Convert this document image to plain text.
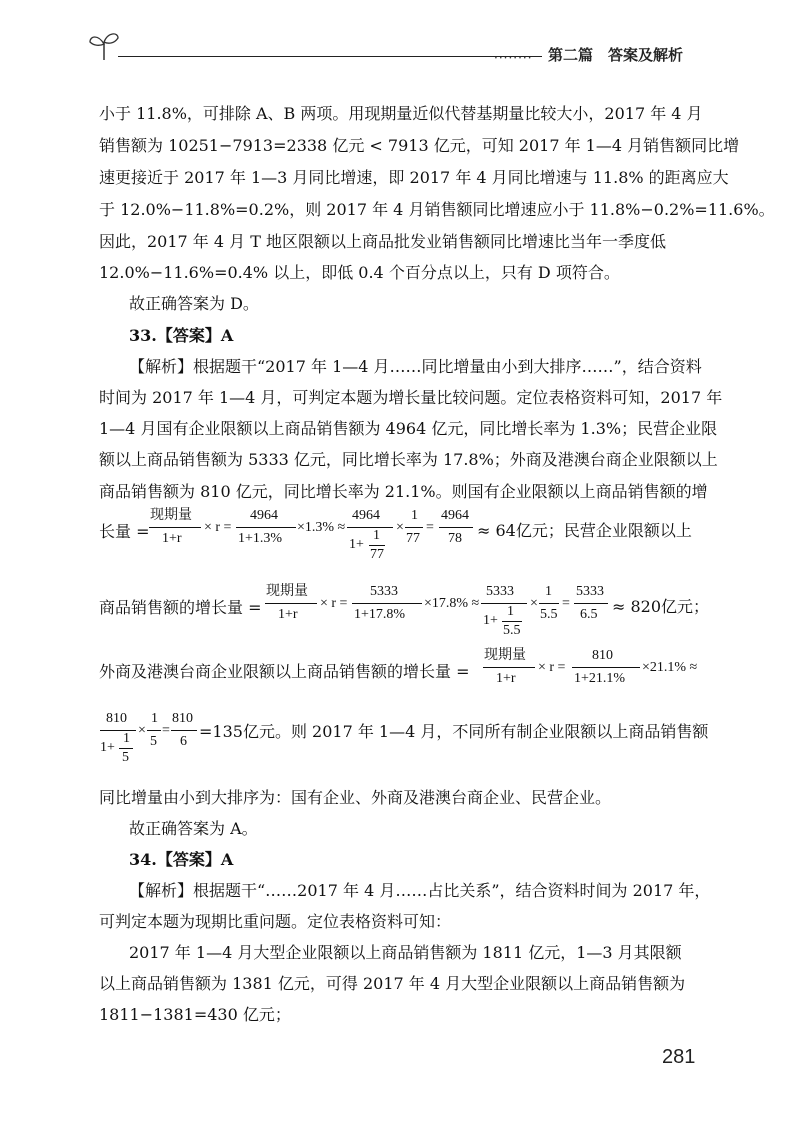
········ 第二篇　答案及解析
小于 11.8%，可排除 A、B 两项。用现期量近似代替基期量比较大小，2017 年 4 月
销售额为 10251−7913=2338 亿元 < 7913 亿元，可知 2017 年 1—4 月销售额同比增
速更接近于 2017 年 1—3 月同比增速，即 2017 年 4 月同比增速与 11.8% 的距离应大
于 12.0%−11.8%=0.2%，则 2017 年 4 月销售额同比增速应小于 11.8%−0.2%=11.6%。
因此，2017 年 4 月 T 地区限额以上商品批发业销售额同比增速比当年一季度低
12.0%−11.6%=0.4% 以上，即低 0.4 个百分点以上，只有 D 项符合。
故正确答案为 D。
33.【答案】A
【解析】根据题干“2017 年 1—4 月……同比增量由小到大排序……”，结合资料
时间为 2017 年 1—4 月，可判定本题为增长量比较问题。定位表格资料可知，2017 年
1—4 月国有企业限额以上商品销售额为 4964 亿元，同比增长率为 1.3%；民营企业限
额以上商品销售额为 5333 亿元，同比增长率为 17.8%；外商及港澳台商企业限额以上
商品销售额为 810 亿元，同比增长率为 21.1%。则国有企业限额以上商品销售额的增
长量 =
现期量
1+r
× r =
4964
1+1.3%
×1.3% ≈
4964
1+
1
77
×
1
77
=
4964
78 ≈ 64亿元；民营企业限额以上
商品销售额的增长量 =
现期量
1+r
× r =
5333
1+17.8%
×17.8% ≈
5333
1+
1
5.5
×
1
5.5
=
5333
6.5 ≈ 820亿元；
外商及港澳台商企业限额以上商品销售额的增长量 =
现期量
1+r
× r =
810
1+21.1%
×21.1% ≈
810
1+
1
5
×
1
5
=
810
6
=135亿元。则 2017 年 1—4 月，不同所有制企业限额以上商品销售额
同比增量由小到大排序为：国有企业、外商及港澳台商企业、民营企业。
故正确答案为 A。
34.【答案】A
【解析】根据题干“……2017 年 4 月……占比关系”，结合资料时间为 2017 年，
可判定本题为现期比重问题。定位表格资料可知：
2017 年 1—4 月大型企业限额以上商品销售额为 1811 亿元，1—3 月其限额
以上商品销售额为 1381 亿元，可得 2017 年 4 月大型企业限额以上商品销售额为
1811−1381=430 亿元；
281
